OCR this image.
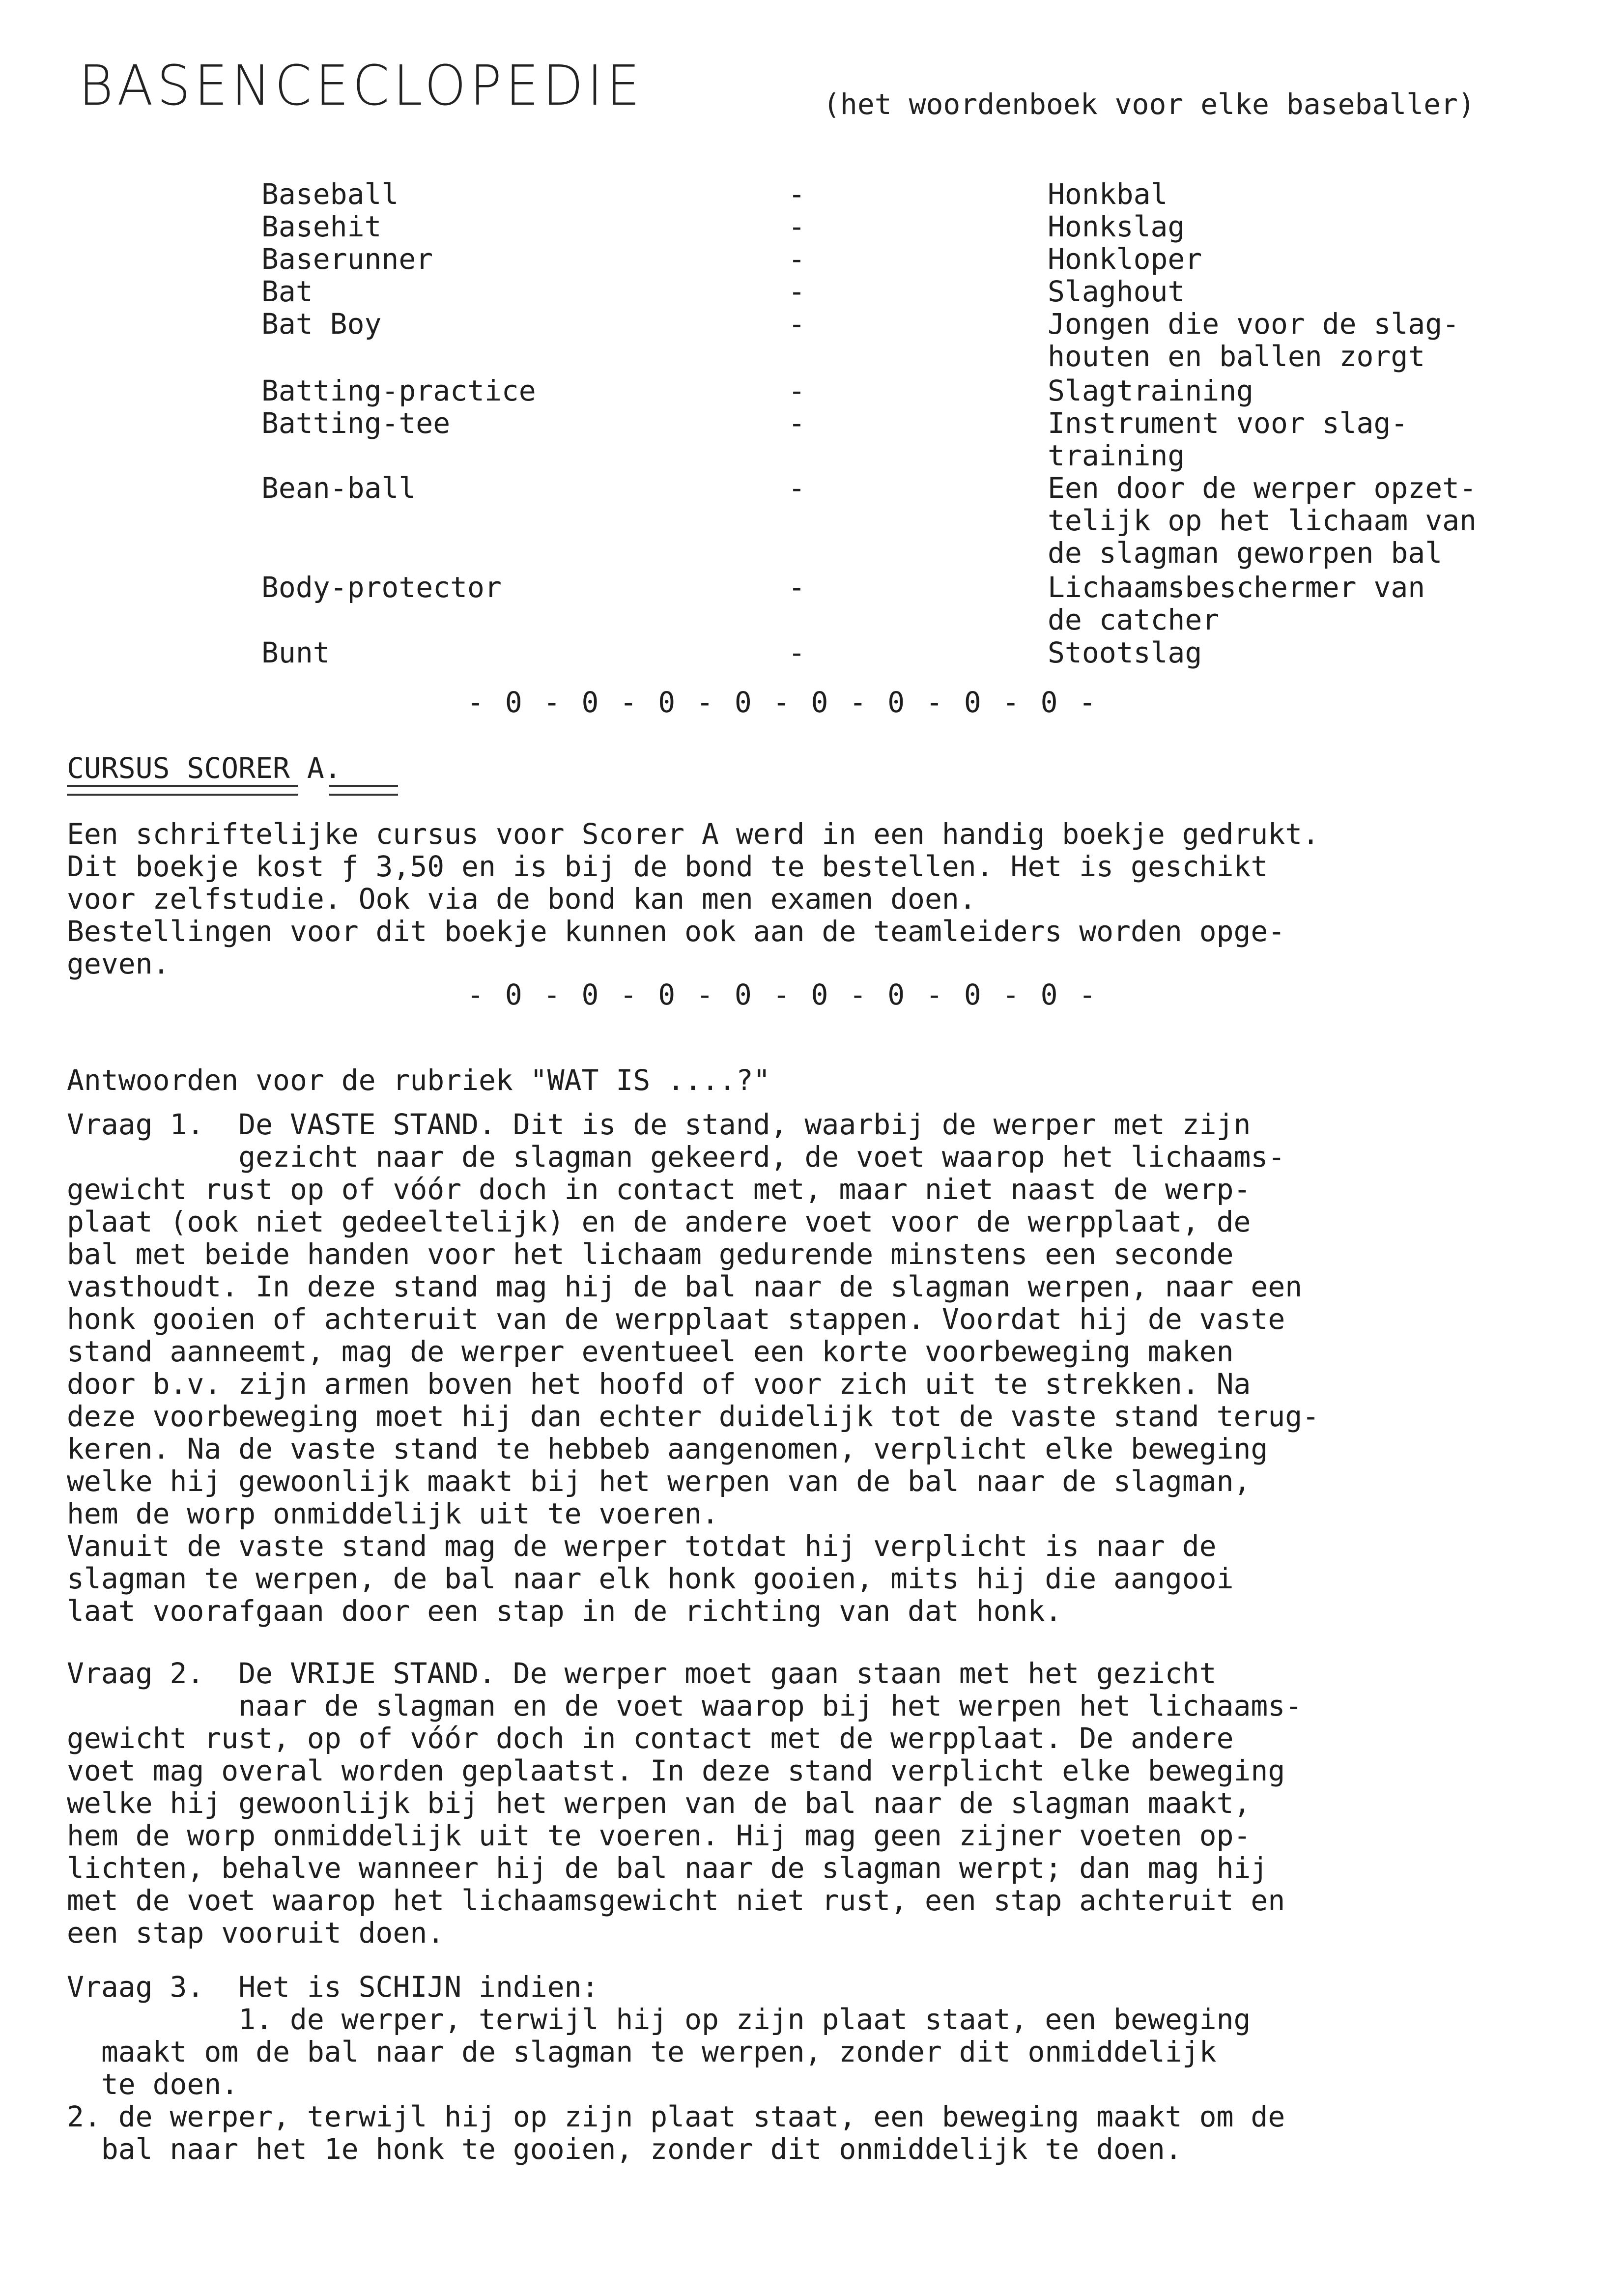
BASENCECLOPEDIE	(het woordenboek voor elke baseballer)
Baseball	-	Honkbal
Basehit	-	Honkslag
Baserunner	-	Honkloper
Bat	-	Slaghout
Bat Boy	-	Jongen die voor de slag-
houten en ballen zorgt
Batting-practice	-	Slagtraining
Batting-tee	-	Instrument voor slag-
training
Bean-ball	-	Een door de werper opzet-
telijk op het lichaam van
de slagman geworpen bal
Body-protector	-	Lichaamsbeschermer van
de catcher
Bunt	-	Stootslag
- 0 - 0 - 0 - 0 - 0 - 0 - 0 - 0 -
CURSUS SCORER A.
Een schriftelijke cursus voor Scorer A werd in een handig boekje gedrukt.
Dit boekje kost ƒ 3,50 en is bij de bond te bestellen. Het is geschikt
voor zelfstudie. Ook via de bond kan men examen doen.
Bestellingen voor dit boekje kunnen ook aan de teamleiders worden opge-
geven.
- 0 - 0 - 0 - 0 - 0 - 0 - 0 - 0 -
Antwoorden voor de rubriek "WAT IS ....?"
Vraag 1.  De VASTE STAND. Dit is de stand, waarbij de werper met zijn
gezicht naar de slagman gekeerd, de voet waarop het lichaams-
gewicht rust op of vóór doch in contact met, maar niet naast de werp-
plaat (ook niet gedeeltelijk) en de andere voet voor de werpplaat, de
bal met beide handen voor het lichaam gedurende minstens een seconde
vasthoudt. In deze stand mag hij de bal naar de slagman werpen, naar een
honk gooien of achteruit van de werpplaat stappen. Voordat hij de vaste
stand aanneemt, mag de werper eventueel een korte voorbeweging maken
door b.v. zijn armen boven het hoofd of voor zich uit te strekken. Na
deze voorbeweging moet hij dan echter duidelijk tot de vaste stand terug-
keren. Na de vaste stand te hebbeb aangenomen, verplicht elke beweging
welke hij gewoonlijk maakt bij het werpen van de bal naar de slagman,
hem de worp onmiddelijk uit te voeren.
Vanuit de vaste stand mag de werper totdat hij verplicht is naar de
slagman te werpen, de bal naar elk honk gooien, mits hij die aangooi
laat voorafgaan door een stap in de richting van dat honk.
Vraag 2.  De VRIJE STAND. De werper moet gaan staan met het gezicht
naar de slagman en de voet waarop bij het werpen het lichaams-
gewicht rust, op of vóór doch in contact met de werpplaat. De andere
voet mag overal worden geplaatst. In deze stand verplicht elke beweging
welke hij gewoonlijk bij het werpen van de bal naar de slagman maakt,
hem de worp onmiddelijk uit te voeren. Hij mag geen zijner voeten op-
lichten, behalve wanneer hij de bal naar de slagman werpt; dan mag hij
met de voet waarop het lichaamsgewicht niet rust, een stap achteruit en
een stap vooruit doen.
Vraag 3.  Het is SCHIJN indien:
1. de werper, terwijl hij op zijn plaat staat, een beweging
maakt om de bal naar de slagman te werpen, zonder dit onmiddelijk
te doen.
2. de werper, terwijl hij op zijn plaat staat, een beweging maakt om de
bal naar het 1e honk te gooien, zonder dit onmiddelijk te doen.
